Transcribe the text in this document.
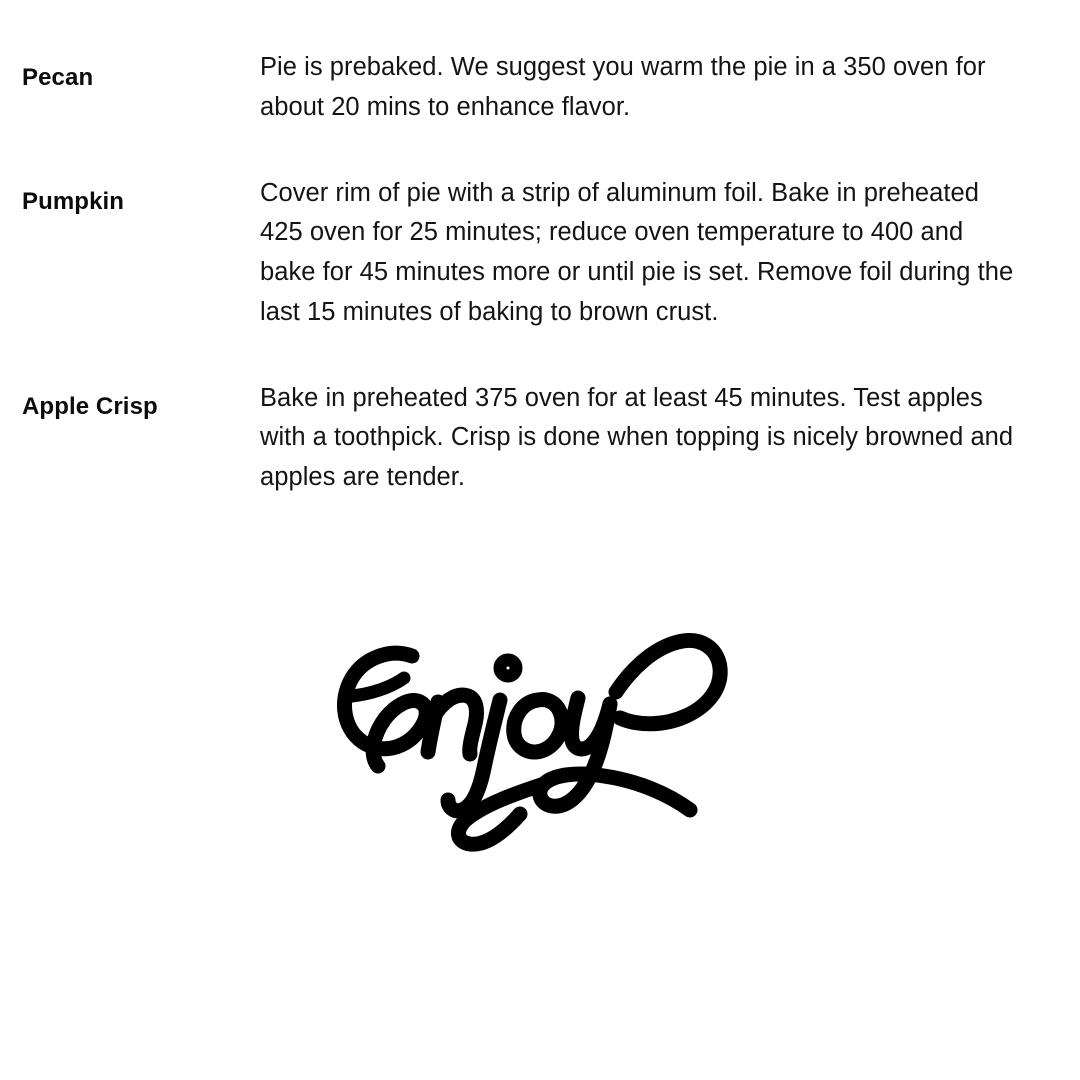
Pecan	Pie is prebaked. We suggest you warm the pie in a 350 oven for about 20 mins to enhance flavor.
Pumpkin	Cover rim of pie with a strip of aluminum foil. Bake in preheated 425 oven for 25 minutes; reduce oven temperature to 400 and bake for 45 minutes more or until pie is set. Remove foil during the last 15 minutes of baking to brown crust.
Apple Crisp	Bake in preheated 375 oven for at least 45 minutes. Test apples with a toothpick. Crisp is done when topping is nicely browned and apples are tender.
